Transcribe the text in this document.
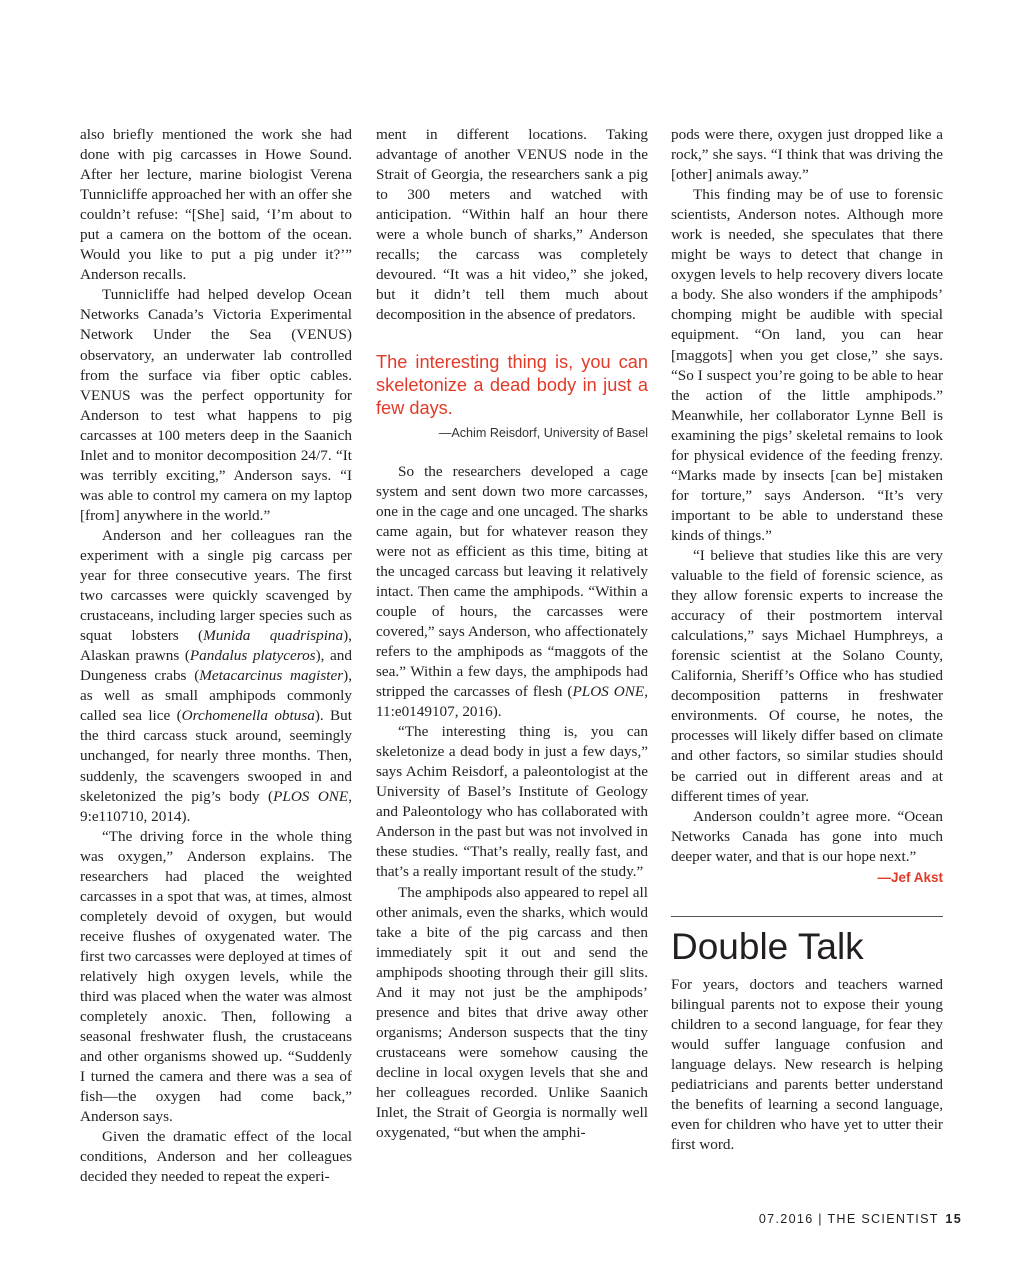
also briefly mentioned the work she had done with pig carcasses in Howe Sound. After her lecture, marine biologist Verena Tunnicliffe approached her with an offer she couldn’t refuse: “[She] said, ‘I’m about to put a camera on the bottom of the ocean. Would you like to put a pig under it?’” Anderson recalls.

Tunnicliffe had helped develop Ocean Networks Canada’s Victoria Experimental Network Under the Sea (VENUS) observatory, an underwater lab controlled from the surface via fiber optic cables. VENUS was the perfect opportunity for Anderson to test what happens to pig carcasses at 100 meters deep in the Saanich Inlet and to monitor decomposition 24/7. “It was terribly exciting,” Anderson says. “I was able to control my camera on my laptop [from] anywhere in the world.”

Anderson and her colleagues ran the experiment with a single pig carcass per year for three consecutive years. The first two carcasses were quickly scavenged by crustaceans, including larger species such as squat lobsters (Munida quadrispina), Alaskan prawns (Pandalus platyceros), and Dungeness crabs (Metacarcinus magister), as well as small amphipods commonly called sea lice (Orchomenella obtusa). But the third carcass stuck around, seemingly unchanged, for nearly three months. Then, suddenly, the scavengers swooped in and skeletonized the pig’s body (PLOS ONE, 9:e110710, 2014).

“The driving force in the whole thing was oxygen,” Anderson explains. The researchers had placed the weighted carcasses in a spot that was, at times, almost completely devoid of oxygen, but would receive flushes of oxygenated water. The first two carcasses were deployed at times of relatively high oxygen levels, while the third was placed when the water was almost completely anoxic. Then, following a seasonal freshwater flush, the crustaceans and other organisms showed up. “Suddenly I turned the camera and there was a sea of fish—the oxygen had come back,” Anderson says.

Given the dramatic effect of the local conditions, Anderson and her colleagues decided they needed to repeat the experi-

ment in different locations. Taking advantage of another VENUS node in the Strait of Georgia, the researchers sank a pig to 300 meters and watched with anticipation. “Within half an hour there were a whole bunch of sharks,” Anderson recalls; the carcass was completely devoured. “It was a hit video,” she joked, but it didn’t tell them much about decomposition in the absence of predators.

The interesting thing is, you can skeletonize a dead body in just a few days.

—Achim Reisdorf, University of Basel

So the researchers developed a cage system and sent down two more carcasses, one in the cage and one uncaged. The sharks came again, but for whatever reason they were not as efficient as this time, biting at the uncaged carcass but leaving it relatively intact. Then came the amphipods. “Within a couple of hours, the carcasses were covered,” says Anderson, who affectionately refers to the amphipods as “maggots of the sea.” Within a few days, the amphipods had stripped the carcasses of flesh (PLOS ONE, 11:e0149107, 2016).

“The interesting thing is, you can skeletonize a dead body in just a few days,” says Achim Reisdorf, a paleontologist at the University of Basel’s Institute of Geology and Paleontology who has collaborated with Anderson in the past but was not involved in these studies. “That’s really, really fast, and that’s a really important result of the study.”

The amphipods also appeared to repel all other animals, even the sharks, which would take a bite of the pig carcass and then immediately spit it out and send the amphipods shooting through their gill slits. And it may not just be the amphipods’ presence and bites that drive away other organisms; Anderson suspects that the tiny crustaceans were somehow causing the decline in local oxygen levels that she and her colleagues recorded. Unlike Saanich Inlet, the Strait of Georgia is normally well oxygenated, “but when the amphi-

pods were there, oxygen just dropped like a rock,” she says. “I think that was driving the [other] animals away.”

This finding may be of use to forensic scientists, Anderson notes. Although more work is needed, she speculates that there might be ways to detect that change in oxygen levels to help recovery divers locate a body. She also wonders if the amphipods’ chomping might be audible with special equipment. “On land, you can hear [maggots] when you get close,” she says. “So I suspect you’re going to be able to hear the action of the little amphipods.” Meanwhile, her collaborator Lynne Bell is examining the pigs’ skeletal remains to look for physical evidence of the feeding frenzy. “Marks made by insects [can be] mistaken for torture,” says Anderson. “It’s very important to be able to understand these kinds of things.”

“I believe that studies like this are very valuable to the field of forensic science, as they allow forensic experts to increase the accuracy of their postmortem interval calculations,” says Michael Humphreys, a forensic scientist at the Solano County, California, Sheriff’s Office who has studied decomposition patterns in freshwater environments. Of course, he notes, the processes will likely differ based on climate and other factors, so similar studies should be carried out in different areas and at different times of year.

Anderson couldn’t agree more. “Ocean Networks Canada has gone into much deeper water, and that is our hope next.”

—Jef Akst
Double Talk

For years, doctors and teachers warned bilingual parents not to expose their young children to a second language, for fear they would suffer language confusion and language delays. New research is helping pediatricians and parents better understand the benefits of learning a second language, even for children who have yet to utter their first word.

07.2016 | THE SCIENTIST 15
